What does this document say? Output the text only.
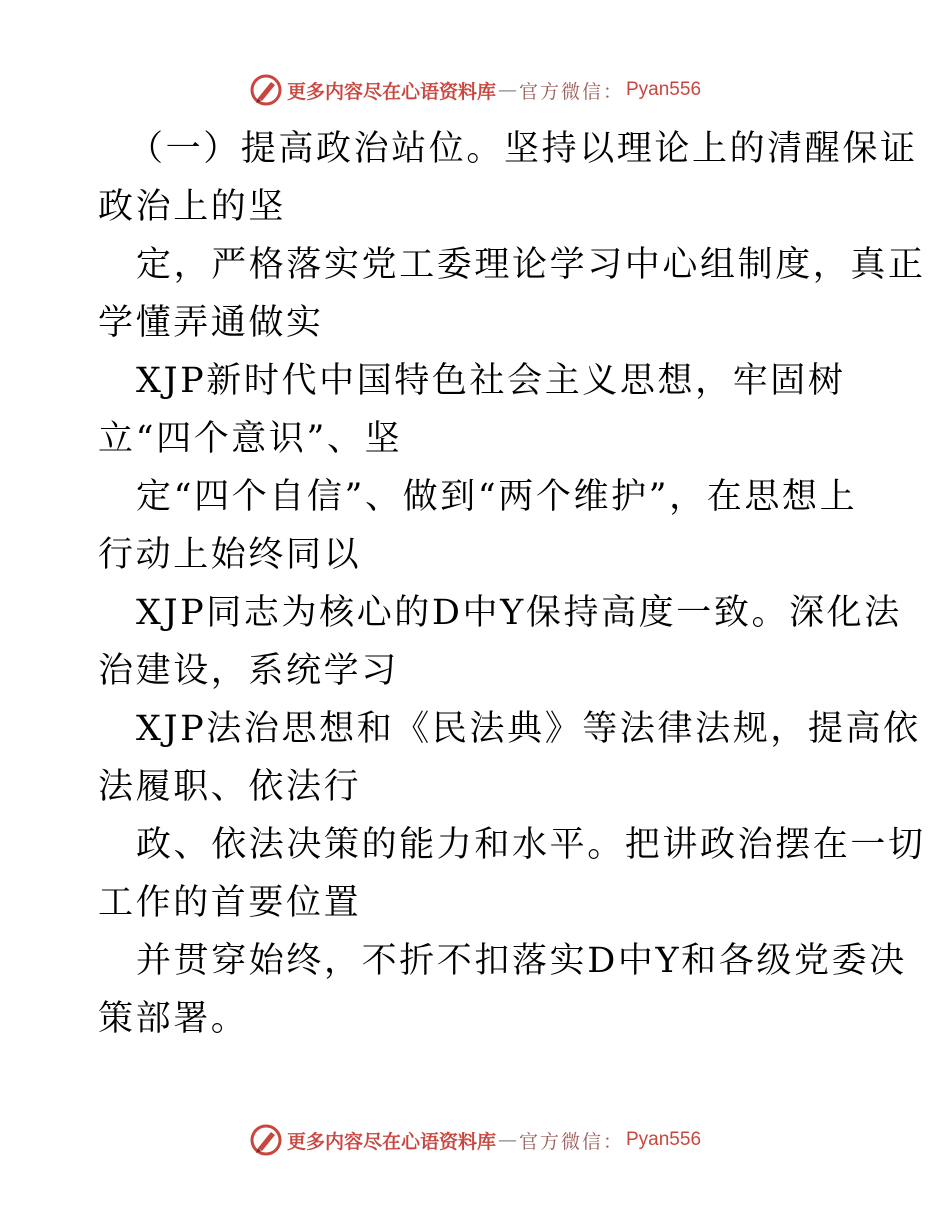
更多内容尽在心语资料库 — 官方微信： Pyan556
（一）提高政治站位。坚持以理论上的清醒保证
政治上的坚
定，严格落实党工委理论学习中心组制度，真正
学懂弄通做实
XJP新时代中国特色社会主义思想，牢固树
立“四个意识”、坚
定“四个自信”、做到“两个维护”，在思想上
行动上始终同以
XJP同志为核心的D中Y保持高度一致。深化法
治建设，系统学习
XJP法治思想和《民法典》等法律法规，提高依
法履职、依法行
政、依法决策的能力和水平。把讲政治摆在一切
工作的首要位置
并贯穿始终，不折不扣落实D中Y和各级党委决
策部署。
更多内容尽在心语资料库 — 官方微信： Pyan556
